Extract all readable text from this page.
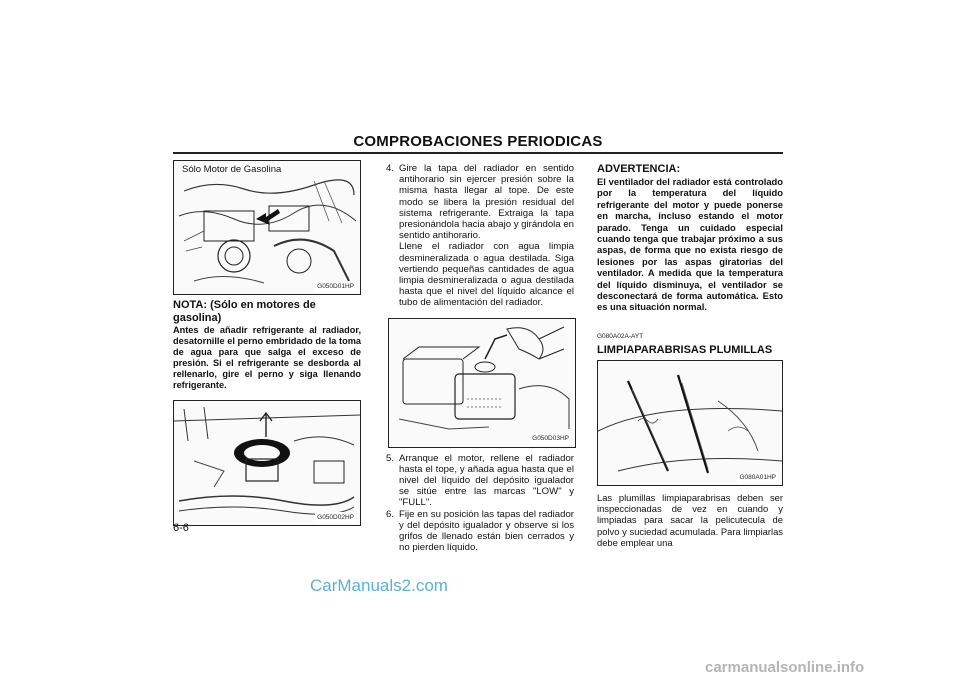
COMPROBACIONES PERIODICAS
Sólo Motor de Gasolina
G050D01HP
NOTA: (Sólo en motores de gasolina)
Antes de añadir refrigerante al radiador, desatornille el perno embridado de la toma de agua para que salga el exceso de presión. Si el refrigerante se desborda al rellenarlo, gire el perno y siga llenando refrigerante.
G050D02HP
4. Gire la tapa del radiador en sentido antihorario sin ejercer presión sobre la misma hasta llegar al tope. De este modo se libera la presión residual del sistema refrigerante. Extraiga la tapa presionándola hacia abajo y girándola en sentido antihorario.

Llene el radiador con agua limpia desmineralizada o agua destilada. Siga vertiendo pequeñas cantidades de agua limpia desmineralizada o agua destilada hasta que el nivel del líquido alcance el tubo de alimentación del radiador.

G050D03HP
5. Arranque el motor, rellene el radiador hasta el tope, y añada agua hasta que el nivel del líquido del depósito igualador se sitúe entre las marcas "LOW" y "FULL".

6. Fije en su posición las tapas del radiador y del depósito igualador y observe si los grifos de llenado están bien cerrados y no pierden líquido.

ADVERTENCIA:
El ventilador del radiador está controlado por la temperatura del líquido refrigerante del motor y puede ponerse en marcha, incluso estando el motor parado. Tenga un cuidado especial cuando tenga que trabajar próximo a sus aspas, de forma que no exista riesgo de lesiones por las aspas giratorias del ventilador. A medida que la temperatura del líquido disminuya, el ventilador se desconectará de forma automática. Esto es una situación normal.
G080A02A-AYT
LIMPIAPARABRISAS PLUMILLAS
G080A01HP
Las plumillas limpiaparabrisas deben ser inspeccionadas de vez en cuando y limpiadas para sacar la pelicutecula de polvo y suciedad acumulada. Para limpiarlas debe emplear una
6-6
CarManuals2.com
carmanualsonline.info
